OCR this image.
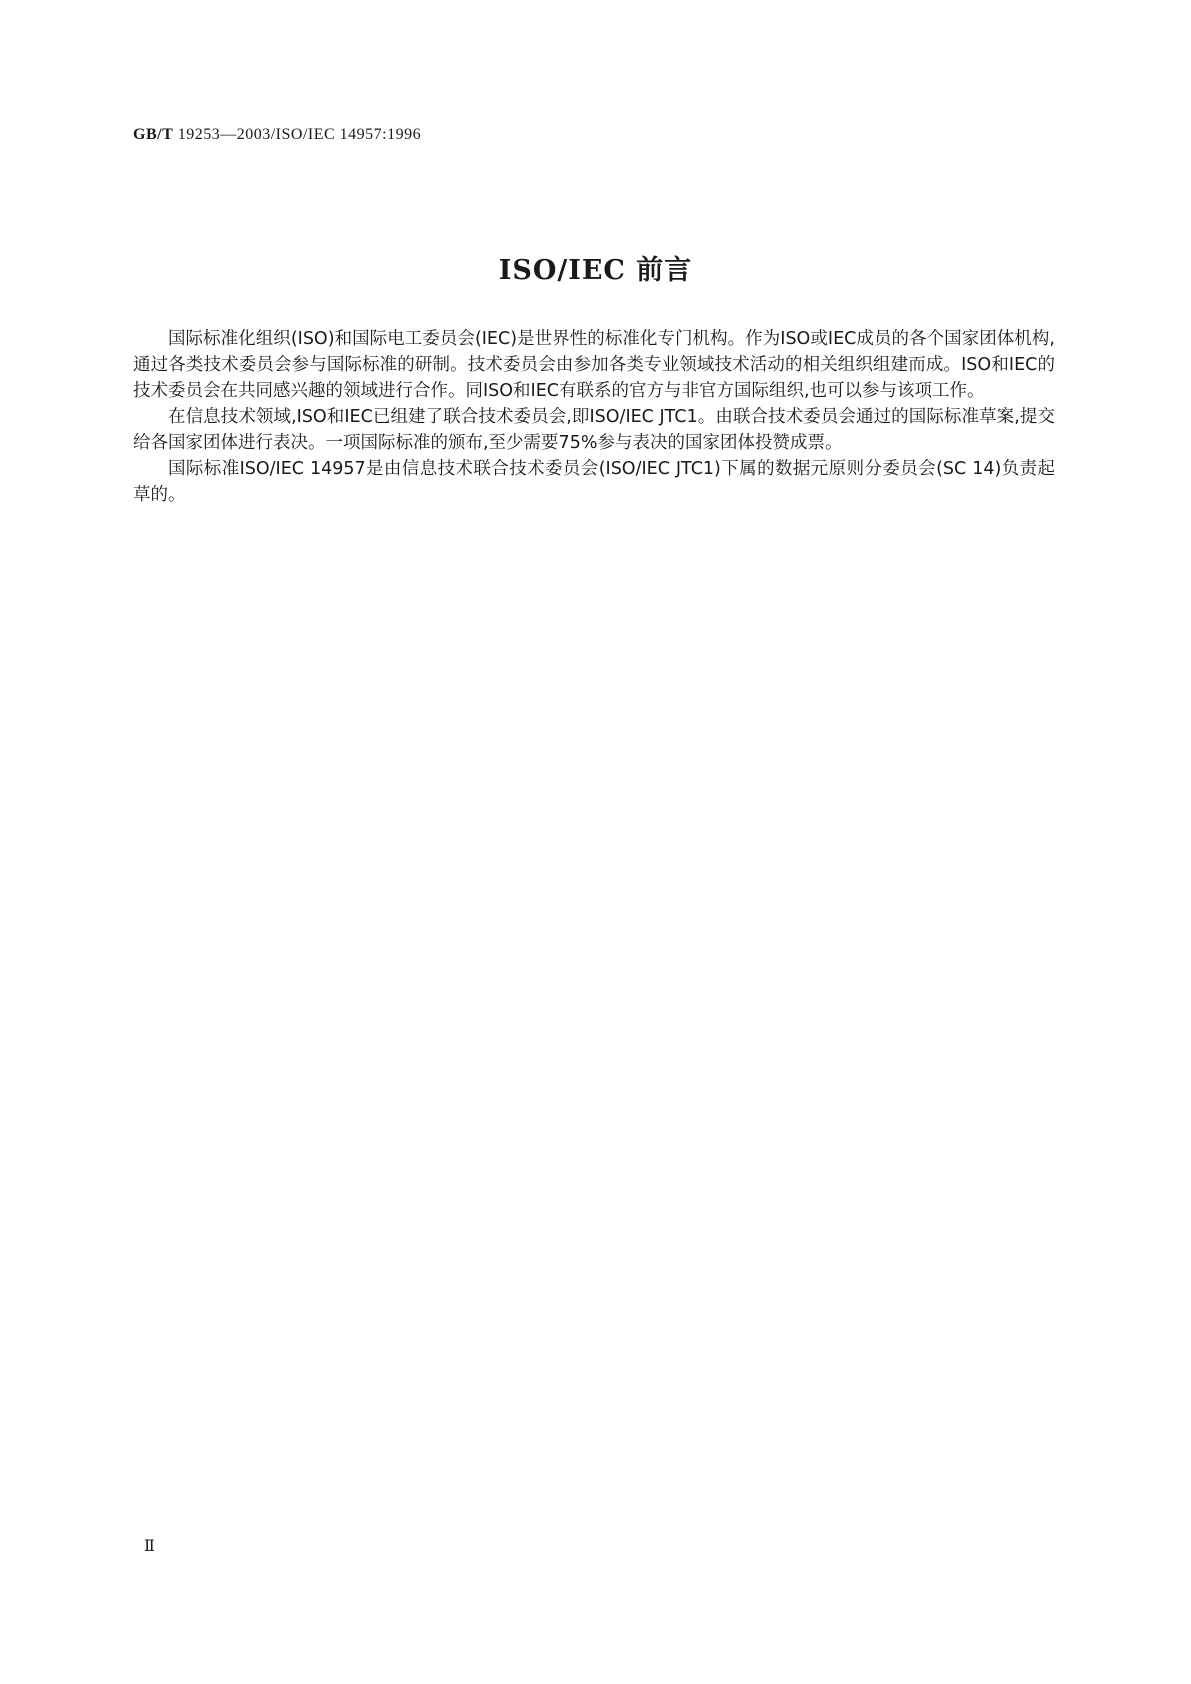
GB/T 19253—2003/ISO/IEC 14957:1996
ISO/IEC 前言

国际标准化组织(ISO)和国际电工委员会(IEC)是世界性的标准化专门机构。作为ISO或IEC成员的各个国家团体机构,通过各类技术委员会参与国际标准的研制。技术委员会由参加各类专业领域技术活动的相关组织组建而成。ISO和IEC的技术委员会在共同感兴趣的领域进行合作。同ISO和IEC有联系的官方与非官方国际组织,也可以参与该项工作。

在信息技术领域,ISO和IEC已组建了联合技术委员会,即ISO/IEC JTC1。由联合技术委员会通过的国际标准草案,提交给各国家团体进行表决。一项国际标准的颁布,至少需要75%参与表决的国家团体投赞成票。

国际标准ISO/IEC 14957是由信息技术联合技术委员会(ISO/IEC JTC1)下属的数据元原则分委员会(SC 14)负责起草的。

Ⅱ
